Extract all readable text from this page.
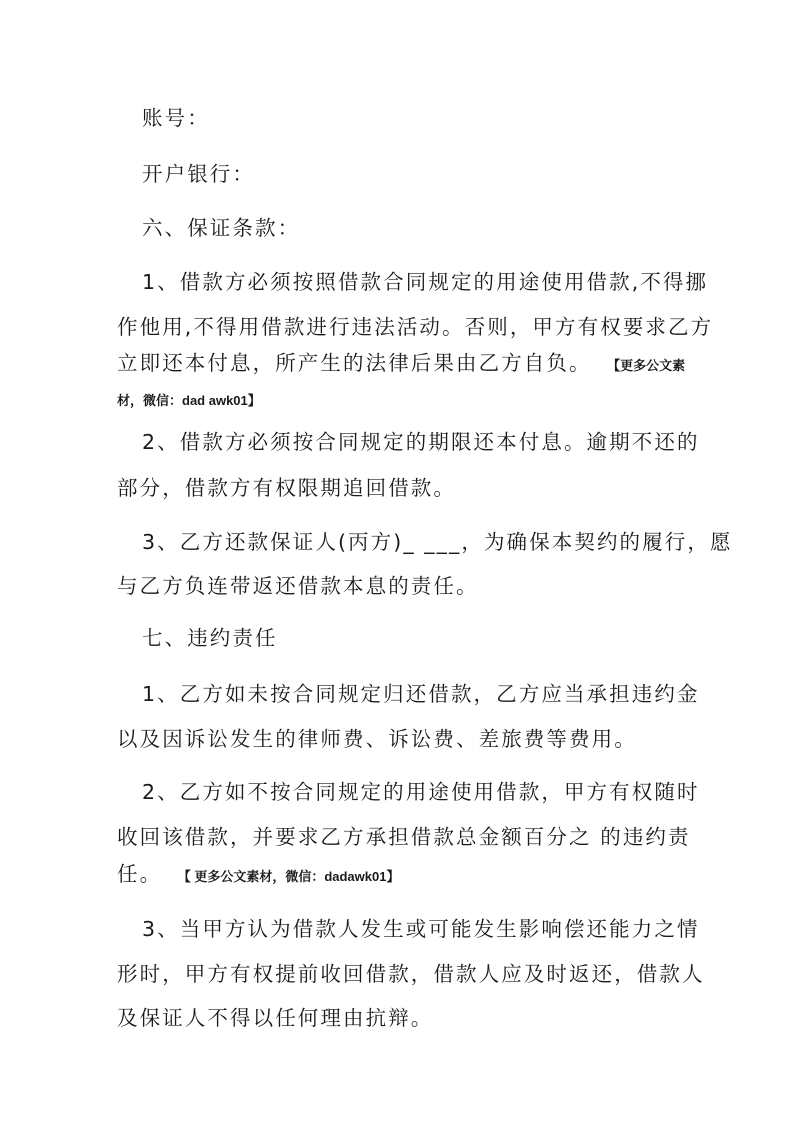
账号：
开户银行：
六、保证条款：
1、借款方必须按照借款合同规定的用途使用借款,不得挪
作他用,不得用借款进行违法活动。否则，甲方有权要求乙方
立即还本付息，所产生的法律后果由乙方自负。 【更多公文素
材，微信：dad awk01】
2、借款方必须按合同规定的期限还本付息。逾期不还的
部分，借款方有权限期追回借款。
3、乙方还款保证人(丙方)_ ___，为确保本契约的履行，愿
与乙方负连带返还借款本息的责任。
七、违约责任
1、乙方如未按合同规定归还借款，乙方应当承担违约金
以及因诉讼发生的律师费、诉讼费、差旅费等费用。
2、乙方如不按合同规定的用途使用借款，甲方有权随时
收回该借款，并要求乙方承担借款总金额百分之 的违约责
任。 【 更多公文素材，微信：dadawk01】
3、当甲方认为借款人发生或可能发生影响偿还能力之情
形时，甲方有权提前收回借款，借款人应及时返还，借款人
及保证人不得以任何理由抗辩。
